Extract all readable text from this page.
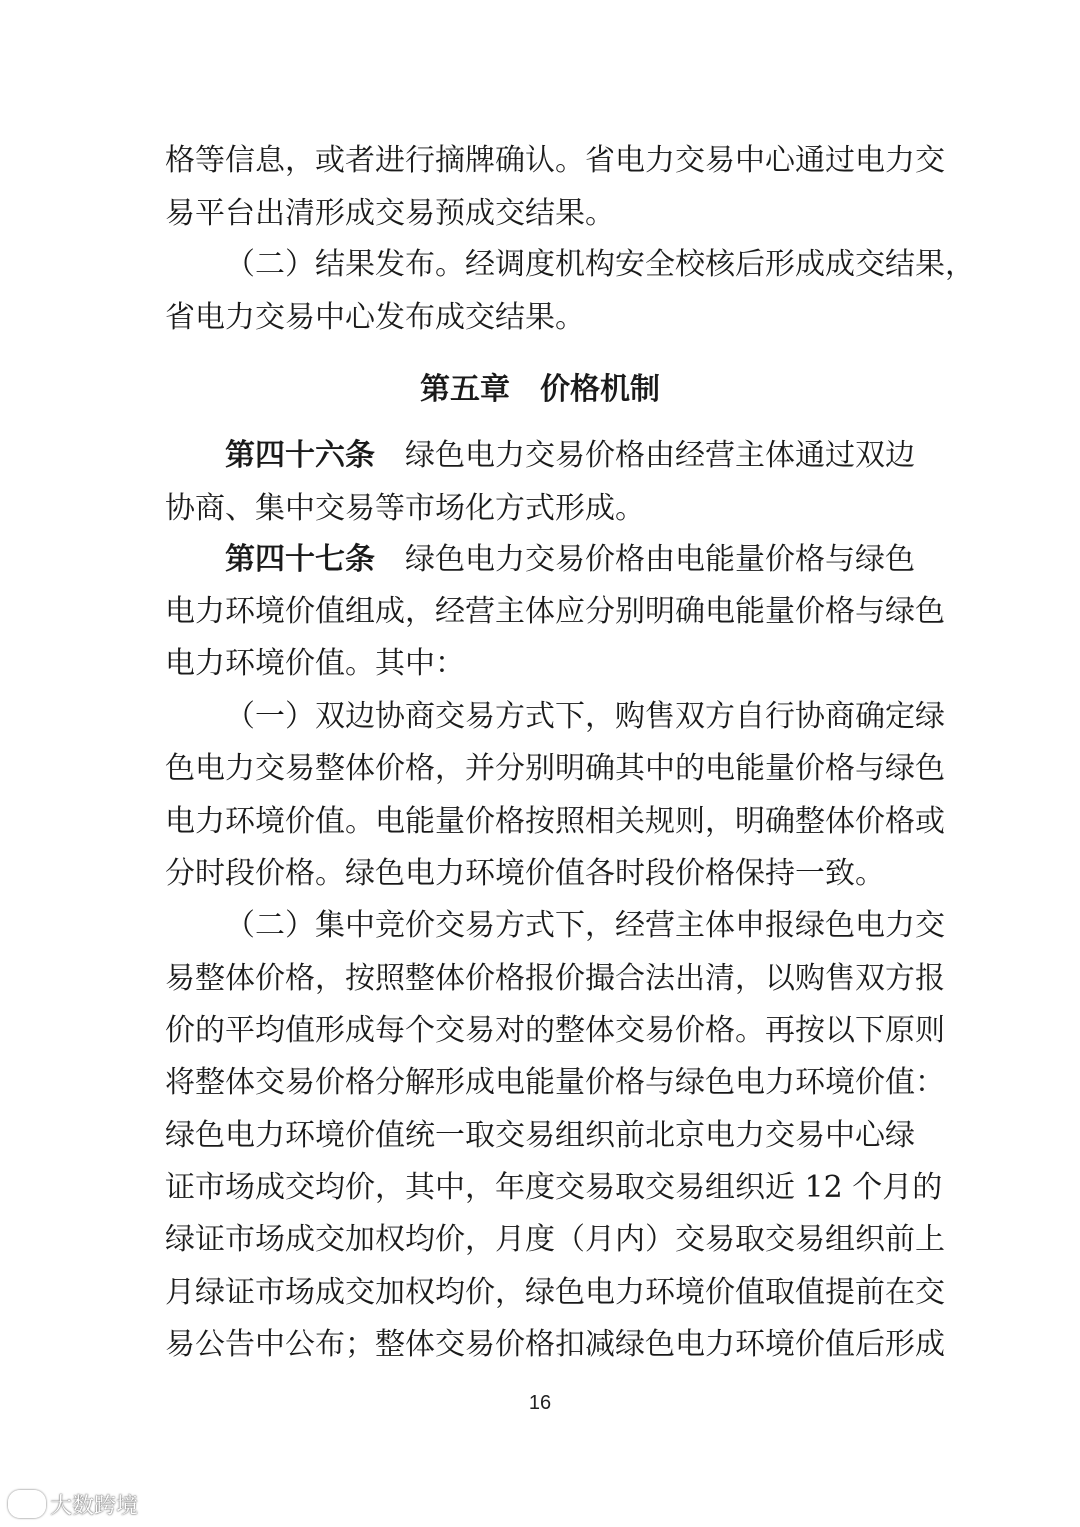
格等信息，或者进行摘牌确认。省电力交易中心通过电力交
易平台出清形成交易预成交结果。
（二）结果发布。经调度机构安全校核后形成成交结果，
省电力交易中心发布成交结果。
第五章　价格机制
第四十六条 绿色电力交易价格由经营主体通过双边
协商、集中交易等市场化方式形成。
第四十七条 绿色电力交易价格由电能量价格与绿色
电力环境价值组成，经营主体应分别明确电能量价格与绿色
电力环境价值。其中：
（一）双边协商交易方式下，购售双方自行协商确定绿
色电力交易整体价格，并分别明确其中的电能量价格与绿色
电力环境价值。电能量价格按照相关规则，明确整体价格或
分时段价格。绿色电力环境价值各时段价格保持一致。
（二）集中竞价交易方式下，经营主体申报绿色电力交
易整体价格，按照整体价格报价撮合法出清，以购售双方报
价的平均值形成每个交易对的整体交易价格。再按以下原则
将整体交易价格分解形成电能量价格与绿色电力环境价值：
绿色电力环境价值统一取交易组织前北京电力交易中心绿
证市场成交均价，其中，年度交易取交易组织近 12 个月的
绿证市场成交加权均价，月度（月内）交易取交易组织前上
月绿证市场成交加权均价，绿色电力环境价值取值提前在交
易公告中公布；整体交易价格扣减绿色电力环境价值后形成
16
大数跨境
